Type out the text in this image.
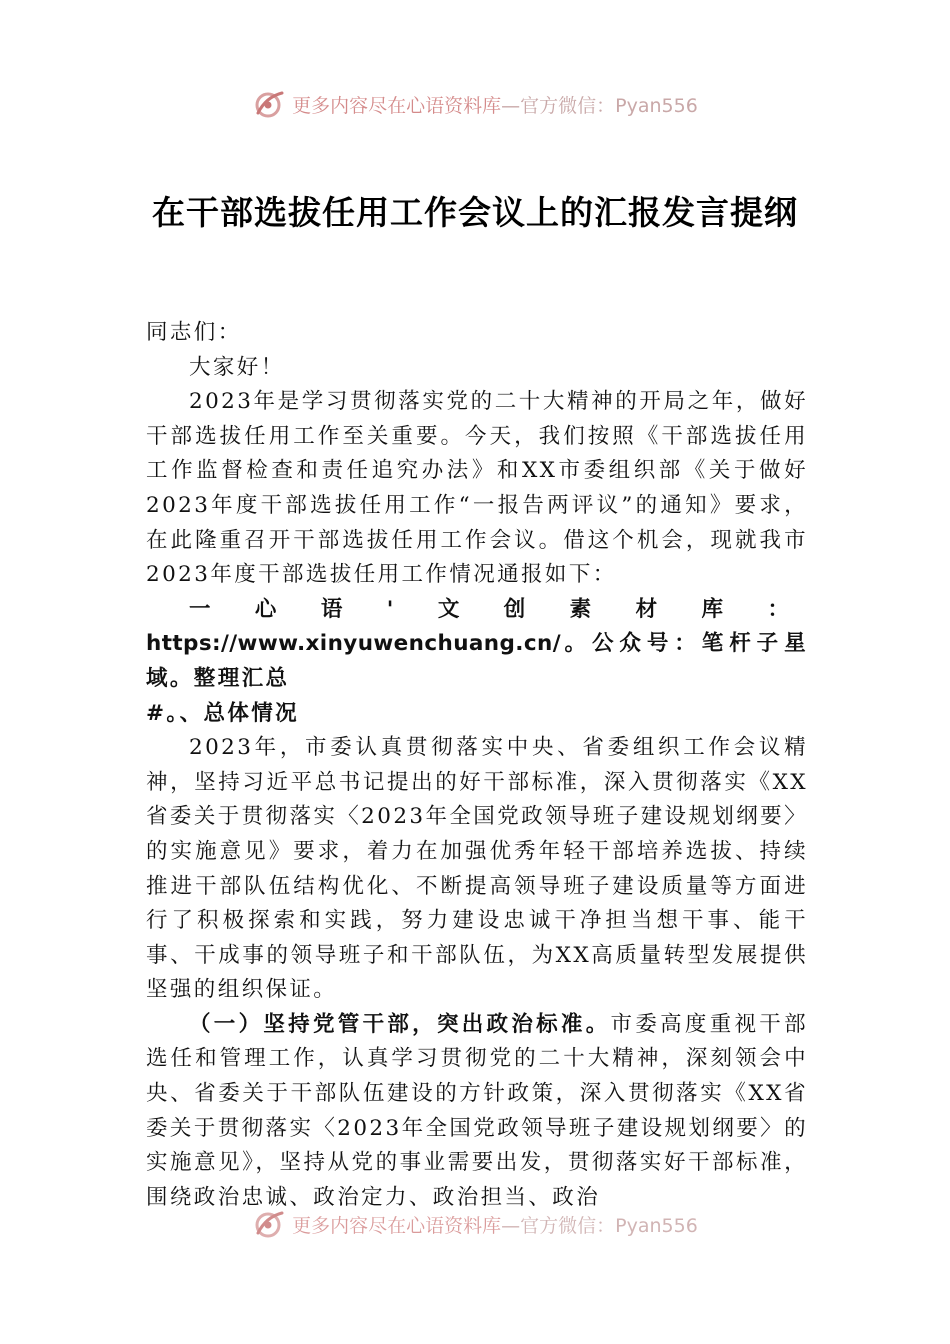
更多内容尽在心语资料库 —官方微信：Pyan556
在干部选拔任用工作会议上的汇报发言提纲

同志们：

大家好！

2023年是学习贯彻落实党的二十大精神的开局之年，做好干部选拔任用工作至关重要。今天，我们按照《干部选拔任用工作监督检查和责任追究办法》和XX市委组织部《关于做好2023年度干部选拔任用工作“一报告两评议”的通知》要求，在此隆重召开干部选拔任用工作会议。借这个机会，现就我市2023年度干部选拔任用工作情况通报如下：

一心语'文创素材库：https://www.xinyuwenchuang.cn/。公众号：笔杆子星域。整理汇总

#。、总体情况

2023年，市委认真贯彻落实中央、省委组织工作会议精神，坚持习近平总书记提出的好干部标准，深入贯彻落实《XX省委关于贯彻落实〈2023年全国党政领导班子建设规划纲要〉的实施意见》要求，着力在加强优秀年轻干部培养选拔、持续推进干部队伍结构优化、不断提高领导班子建设质量等方面进行了积极探索和实践，努力建设忠诚干净担当想干事、能干事、干成事的领导班子和干部队伍，为XX高质量转型发展提供坚强的组织保证。

（一）坚持党管干部，突出政治标准。市委高度重视干部选任和管理工作，认真学习贯彻党的二十大精神，深刻领会中央、省委关于干部队伍建设的方针政策，深入贯彻落实《XX省委关于贯彻落实〈2023年全国党政领导班子建设规划纲要〉的实施意见》，坚持从党的事业需要出发，贯彻落实好干部标准，围绕政治忠诚、政治定力、政治担当、政治

更多内容尽在心语资料库 —官方微信：Pyan556
